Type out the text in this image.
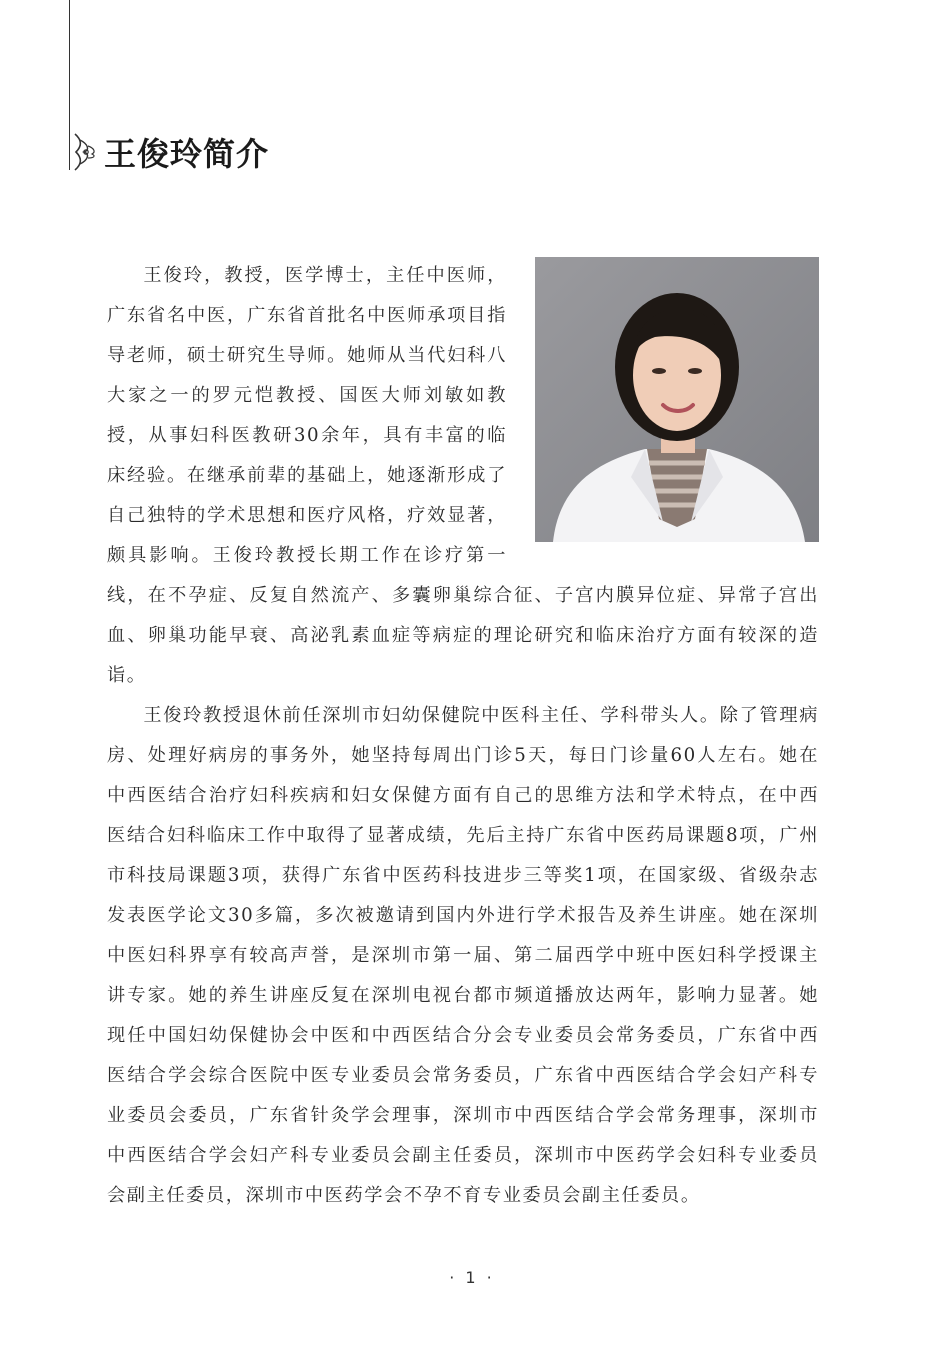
王俊玲简介

王俊玲，教授，医学博士，主任中医师，广东省名中医，广东省首批名中医师承项目指导老师，硕士研究生导师。她师从当代妇科八大家之一的罗元恺教授、国医大师刘敏如教授，从事妇科医教研30余年，具有丰富的临床经验。在继承前辈的基础上，她逐渐形成了自己独特的学术思想和医疗风格，疗效显著，颇具影响。王俊玲教授长期工作在诊疗第一线，在不孕症、反复自然流产、多囊卵巢综合征、子宫内膜异位症、异常子宫出血、卵巢功能早衰、高泌乳素血症等病症的理论研究和临床治疗方面有较深的造诣。

王俊玲教授退休前任深圳市妇幼保健院中医科主任、学科带头人。除了管理病房、处理好病房的事务外，她坚持每周出门诊5天，每日门诊量60人左右。她在中西医结合治疗妇科疾病和妇女保健方面有自己的思维方法和学术特点，在中西医结合妇科临床工作中取得了显著成绩，先后主持广东省中医药局课题8项，广州市科技局课题3项，获得广东省中医药科技进步三等奖1项，在国家级、省级杂志发表医学论文30多篇，多次被邀请到国内外进行学术报告及养生讲座。她在深圳中医妇科界享有较高声誉，是深圳市第一届、第二届西学中班中医妇科学授课主讲专家。她的养生讲座反复在深圳电视台都市频道播放达两年，影响力显著。她现任中国妇幼保健协会中医和中西医结合分会专业委员会常务委员，广东省中西医结合学会综合医院中医专业委员会常务委员，广东省中西医结合学会妇产科专业委员会委员，广东省针灸学会理事，深圳市中西医结合学会常务理事，深圳市中西医结合学会妇产科专业委员会副主任委员，深圳市中医药学会妇科专业委员会副主任委员，深圳市中医药学会不孕不育专业委员会副主任委员。

· 1 ·
